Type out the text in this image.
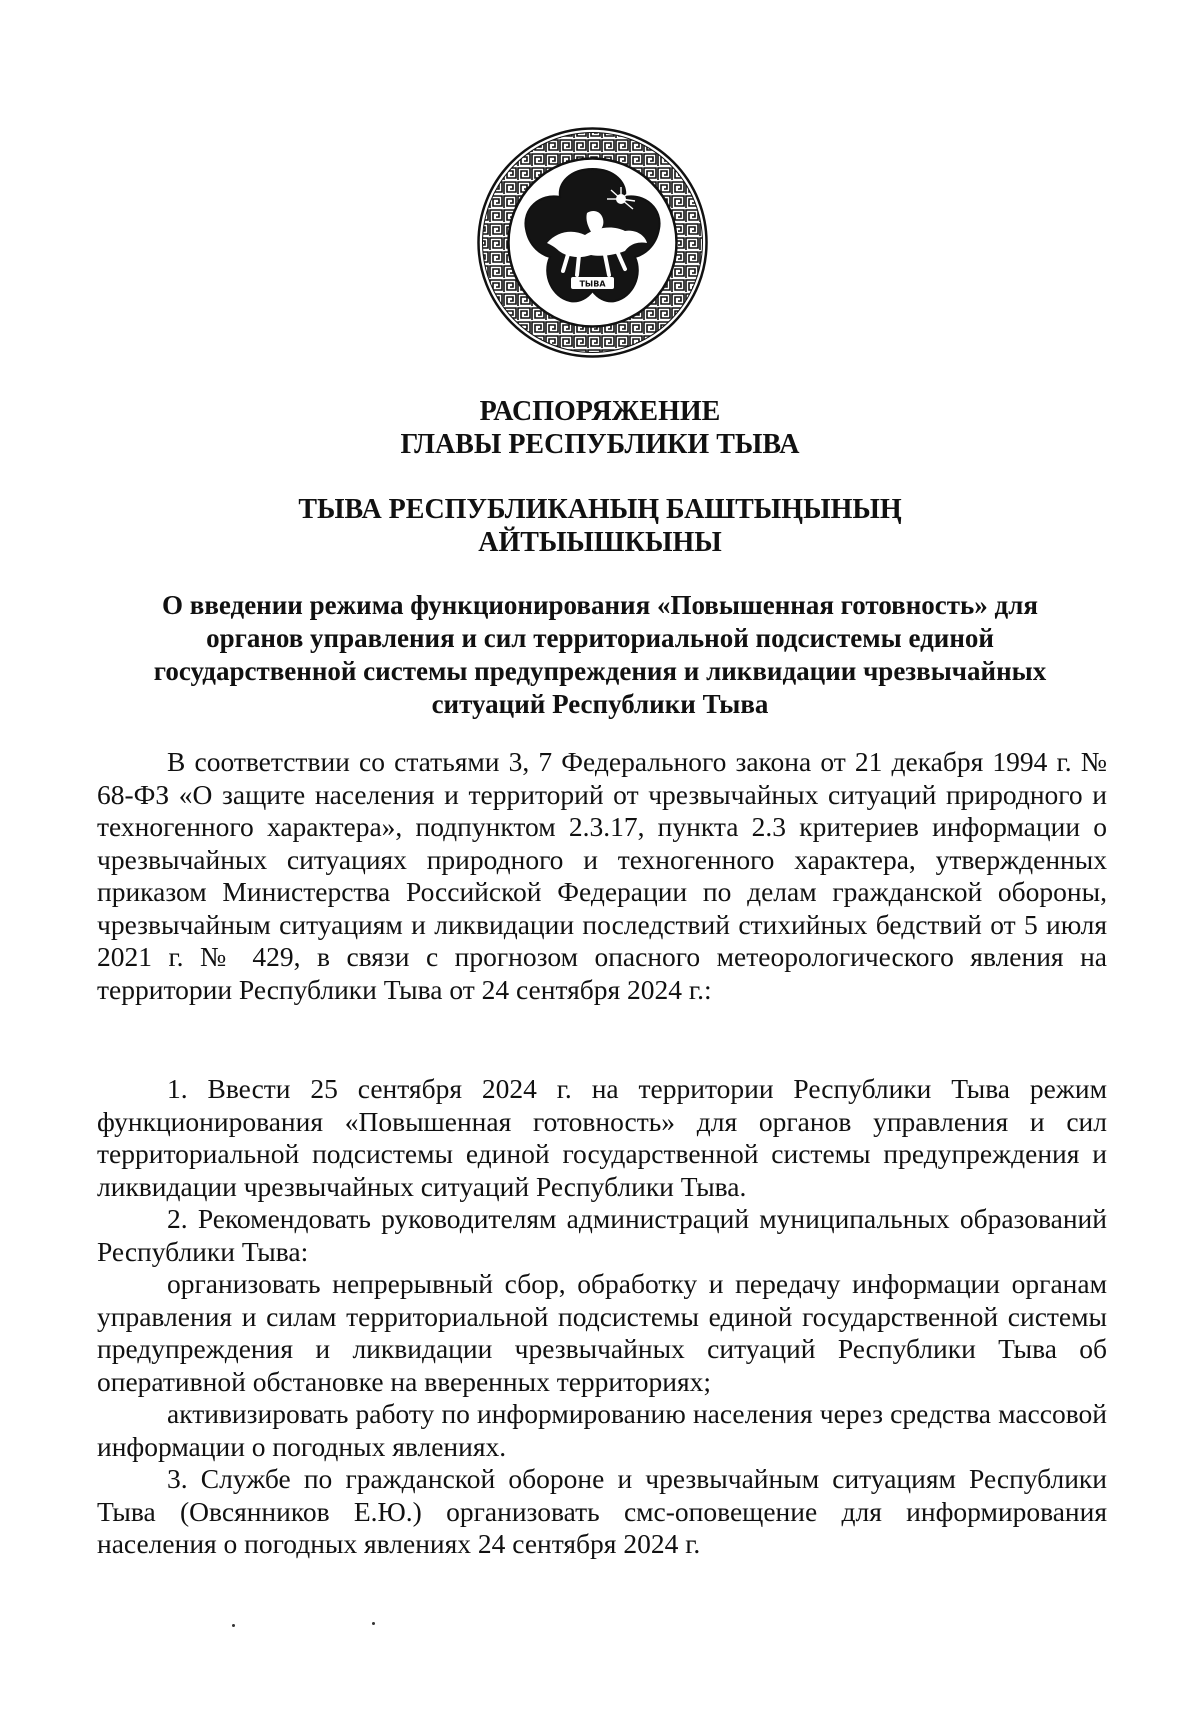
ТЫВА
РАСПОРЯЖЕНИЕ
ГЛАВЫ РЕСПУБЛИКИ ТЫВА
ТЫВА РЕСПУБЛИКАНЫҢ БАШТЫҢЫНЫҢ
АЙТЫЫШКЫНЫ
О введении режима функционирования «Повышенная готовность» для органов управления и сил территориальной подсистемы единой государственной системы предупреждения и ликвидации чрезвычайных ситуаций Республики Тыва

В соответствии со статьями 3, 7 Федерального закона от 21 декабря 1994 г. № 68-ФЗ «О защите населения и территорий от чрезвычайных ситуаций природного и техногенного характера», подпунктом 2.3.17, пункта 2.3 критериев информации о чрезвычайных ситуациях природного и техногенного характера, утвержденных приказом Министерства Российской Федерации по делам гражданской обороны, чрезвычайным ситуациям и ликвидации последствий стихийных бедствий от 5 июля 2021 г. № 429, в связи с прогнозом опасного метеорологического явления на территории Республики Тыва от 24 сентября 2024 г.:

1. Ввести 25 сентября 2024 г. на территории Республики Тыва режим функционирования «Повышенная готовность» для органов управления и сил территориальной подсистемы единой государственной системы предупреждения и ликвидации чрезвычайных ситуаций Республики Тыва.

2. Рекомендовать руководителям администраций муниципальных образований Республики Тыва:

организовать непрерывный сбор, обработку и передачу информации органам управления и силам территориальной подсистемы единой государственной системы предупреждения и ликвидации чрезвычайных ситуаций Республики Тыва об оперативной обстановке на вверенных территориях;

активизировать работу по информированию населения через средства массовой информации о погодных явлениях.

3. Службе по гражданской обороне и чрезвычайным ситуациям Республики Тыва (Овсянников Е.Ю.) организовать смс-оповещение для информирования населения о погодных явлениях 24 сентября 2024 г.
